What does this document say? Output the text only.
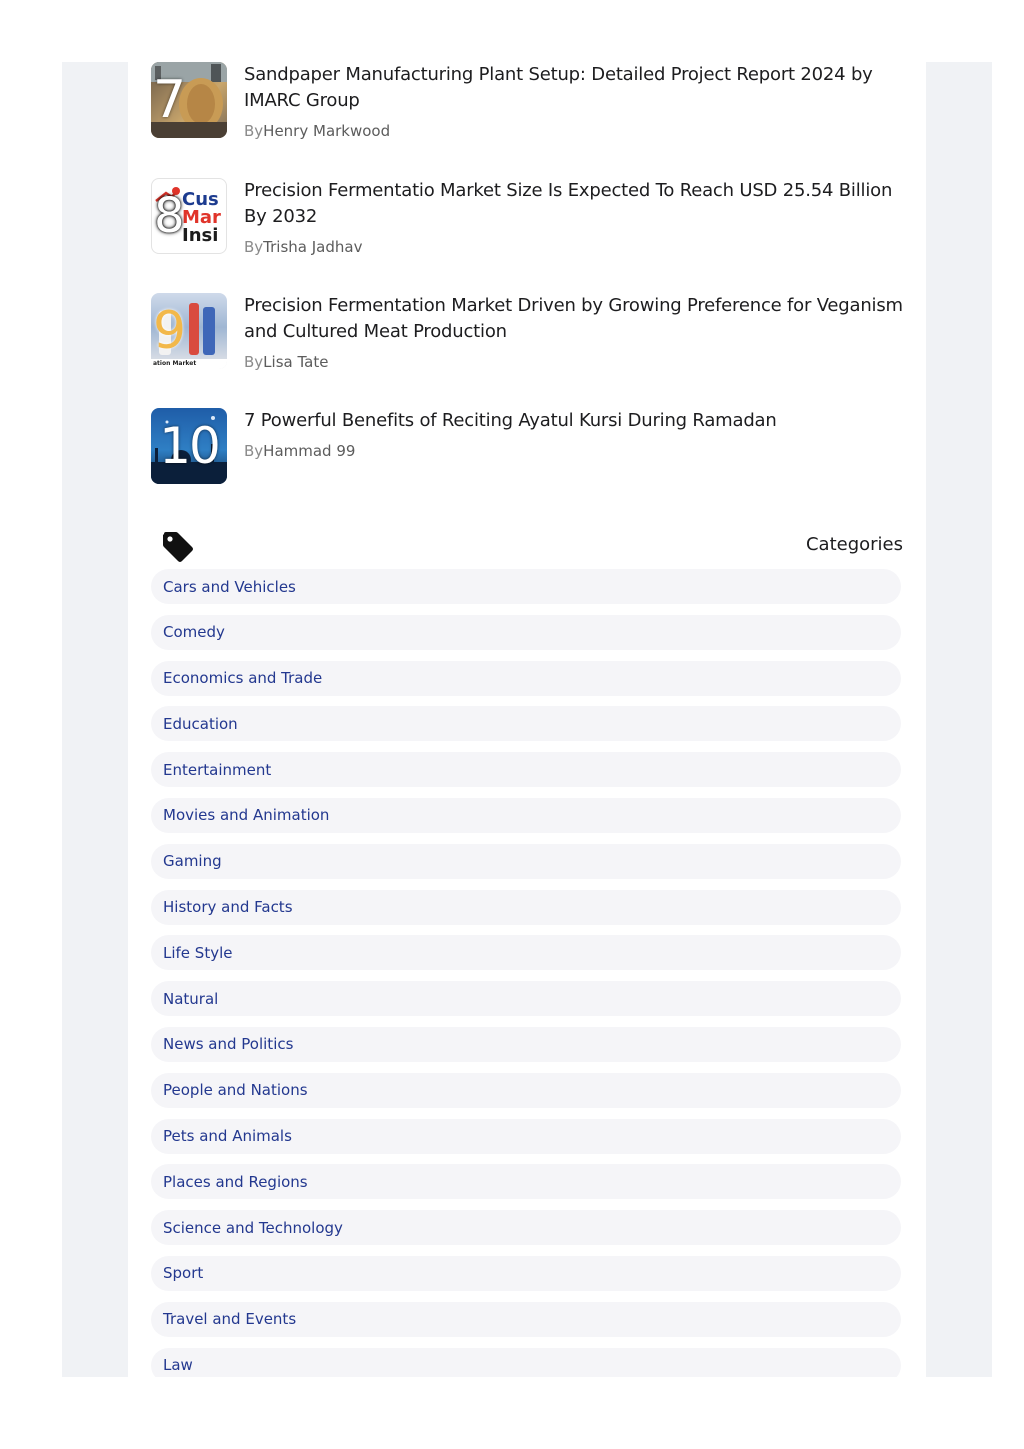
7	Sandpaper Manufacturing Plant Setup: Detailed Project Report 2024 by IMARC Group
ByHenry Markwood
Cus
Mar
Insi
8	Precision Fermentatio Market Size Is Expected To Reach USD 25.54 Billion By 2032
ByTrisha Jadhav
ation Market
9	Precision Fermentation Market Driven by Growing Preference for Veganism and Cultured Meat Production
ByLisa Tate
10	7 Powerful Benefits of Reciting Ayatul Kursi During Ramadan
ByHammad 99
Categories
Cars and Vehicles
Comedy
Economics and Trade
Education
Entertainment
Movies and Animation
Gaming
History and Facts
Life Style
Natural
News and Politics
People and Nations
Pets and Animals
Places and Regions
Science and Technology
Sport
Travel and Events
Law
